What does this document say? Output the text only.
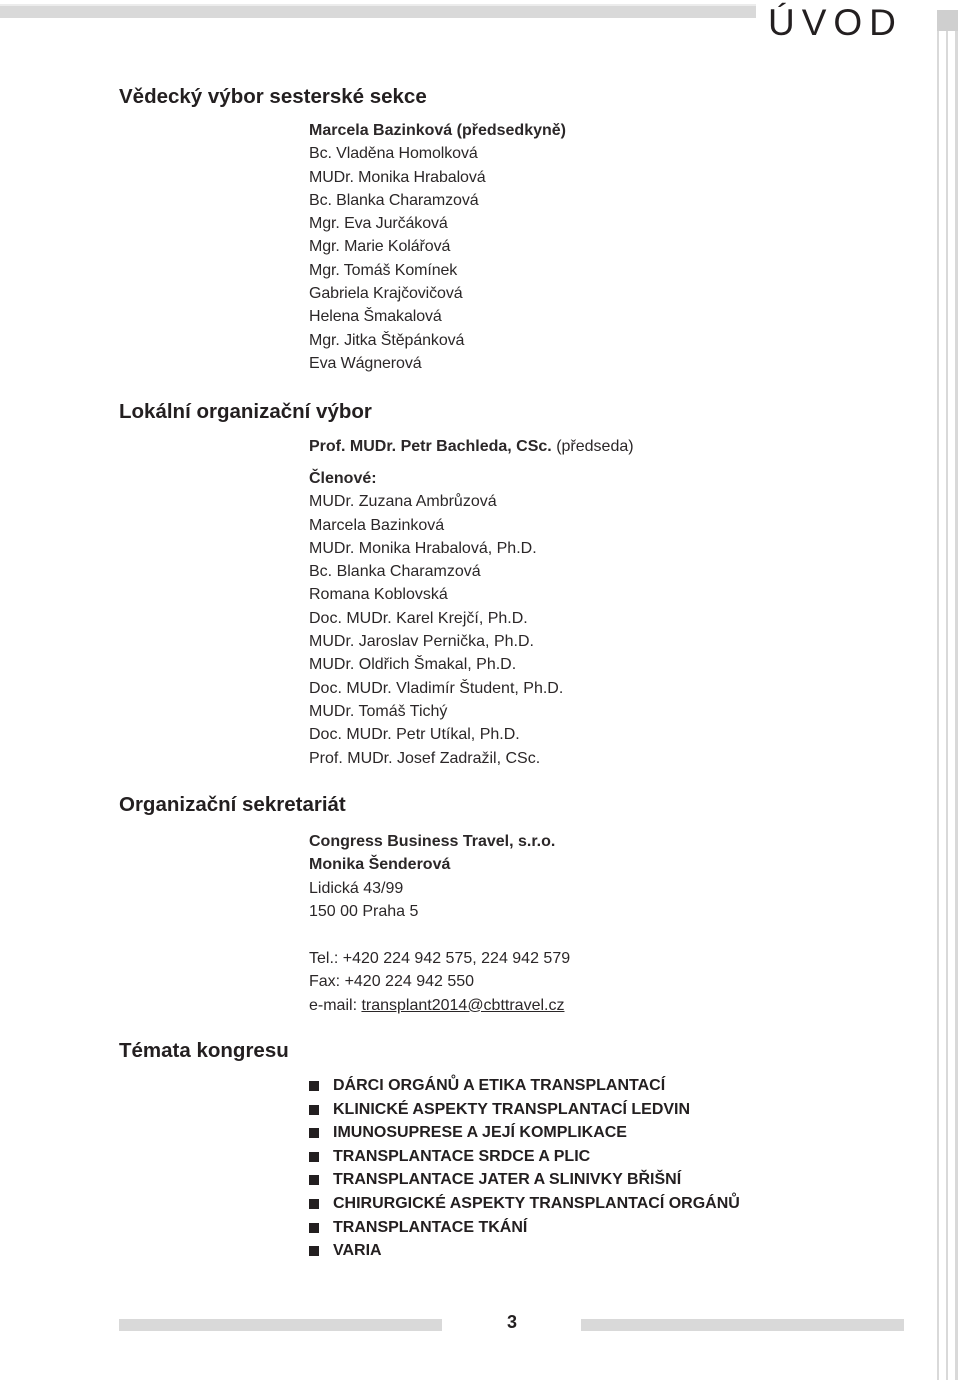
ÚVOD
Vědecký výbor sesterské sekce
Marcela Bazinková (předsedkyně)
Bc. Vladěna Homolková
MUDr. Monika Hrabalová
Bc. Blanka Charamzová
Mgr. Eva Jurčáková
Mgr. Marie Kolářová
Mgr. Tomáš Komínek
Gabriela Krajčovičová
Helena Šmakalová
Mgr. Jitka Štěpánková
Eva Wágnerová
Lokální organizační výbor
Prof. MUDr. Petr Bachleda, CSc. (předseda)
Členové:
MUDr. Zuzana Ambrůzová
Marcela Bazinková
MUDr. Monika Hrabalová, Ph.D.
Bc. Blanka Charamzová
Romana Koblovská
Doc. MUDr. Karel Krejčí, Ph.D.
MUDr. Jaroslav Pernička, Ph.D.
MUDr. Oldřich Šmakal, Ph.D.
Doc. MUDr. Vladimír Študent, Ph.D.
MUDr. Tomáš Tichý
Doc. MUDr. Petr Utíkal, Ph.D.
Prof. MUDr. Josef Zadražil, CSc.
Organizační sekretariát
Congress Business Travel, s.r.o.
Monika Šenderová
Lidická 43/99
150 00 Praha 5
Tel.: +420 224 942 575, 224 942 579
Fax: +420 224 942 550
e-mail: transplant2014@cbttravel.cz
Témata kongresu
DÁRCI ORGÁNŮ A ETIKA TRANSPLANTACÍ
KLINICKÉ ASPEKTY TRANSPLANTACÍ LEDVIN
IMUNOSUPRESE A JEJÍ KOMPLIKACE
TRANSPLANTACE SRDCE A PLIC
TRANSPLANTACE JATER A SLINIVKY BŘIŠNÍ
CHIRURGICKÉ ASPEKTY TRANSPLANTACÍ ORGÁNŮ
TRANSPLANTACE TKÁNÍ
VARIA
3
